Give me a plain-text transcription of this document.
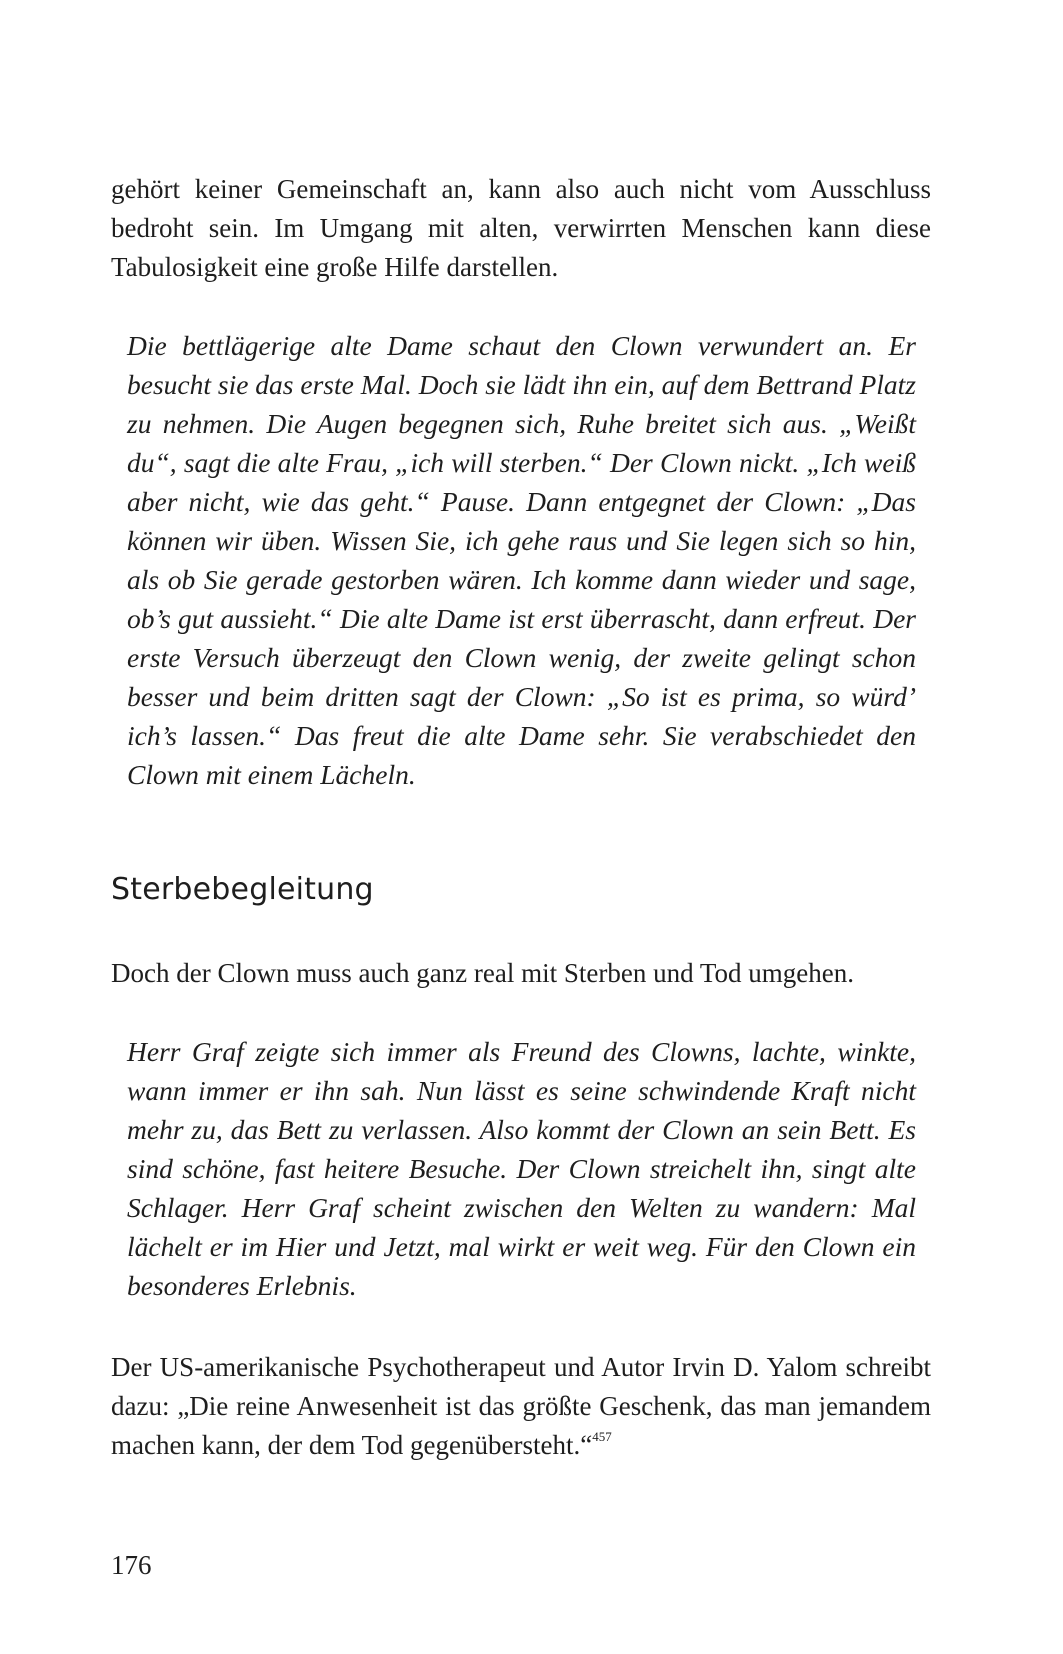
gehört keiner Gemeinschaft an, kann also auch nicht vom Ausschluss bedroht sein. Im Umgang mit alten, verwirrten Menschen kann diese Tabulosigkeit eine große Hilfe darstellen.

Die bettlägerige alte Dame schaut den Clown verwundert an. Er besucht sie das erste Mal. Doch sie lädt ihn ein, auf dem Bettrand Platz zu nehmen. Die Augen begegnen sich, Ruhe breitet sich aus. „Weißt du“, sagt die alte Frau, „ich will sterben.“ Der Clown nickt. „Ich weiß aber nicht, wie das geht.“ Pause. Dann entgegnet der Clown: „Das können wir üben. Wissen Sie, ich gehe raus und Sie legen sich so hin, als ob Sie gerade gestorben wären. Ich komme dann wieder und sage, ob’s gut aussieht.“ Die alte Dame ist erst überrascht, dann erfreut. Der erste Versuch überzeugt den Clown wenig, der zweite gelingt schon besser und beim dritten sagt der Clown: „So ist es prima, so würd’ ich’s lassen.“ Das freut die alte Dame sehr. Sie verabschiedet den Clown mit einem Lächeln.

Sterbebegleitung

Doch der Clown muss auch ganz real mit Sterben und Tod umgehen.

Herr Graf zeigte sich immer als Freund des Clowns, lachte, winkte, wann immer er ihn sah. Nun lässt es seine schwindende Kraft nicht mehr zu, das Bett zu verlassen. Also kommt der Clown an sein Bett. Es sind schöne, fast heitere Besuche. Der Clown streichelt ihn, singt alte Schlager. Herr Graf scheint zwischen den Welten zu wandern: Mal lächelt er im Hier und Jetzt, mal wirkt er weit weg. Für den Clown ein besonderes Erlebnis.

Der US-amerikanische Psychotherapeut und Autor Irvin D. Yalom schreibt dazu: „Die reine Anwesenheit ist das größte Geschenk, das man jemandem machen kann, der dem Tod gegenübersteht.“$^{457}$

176
